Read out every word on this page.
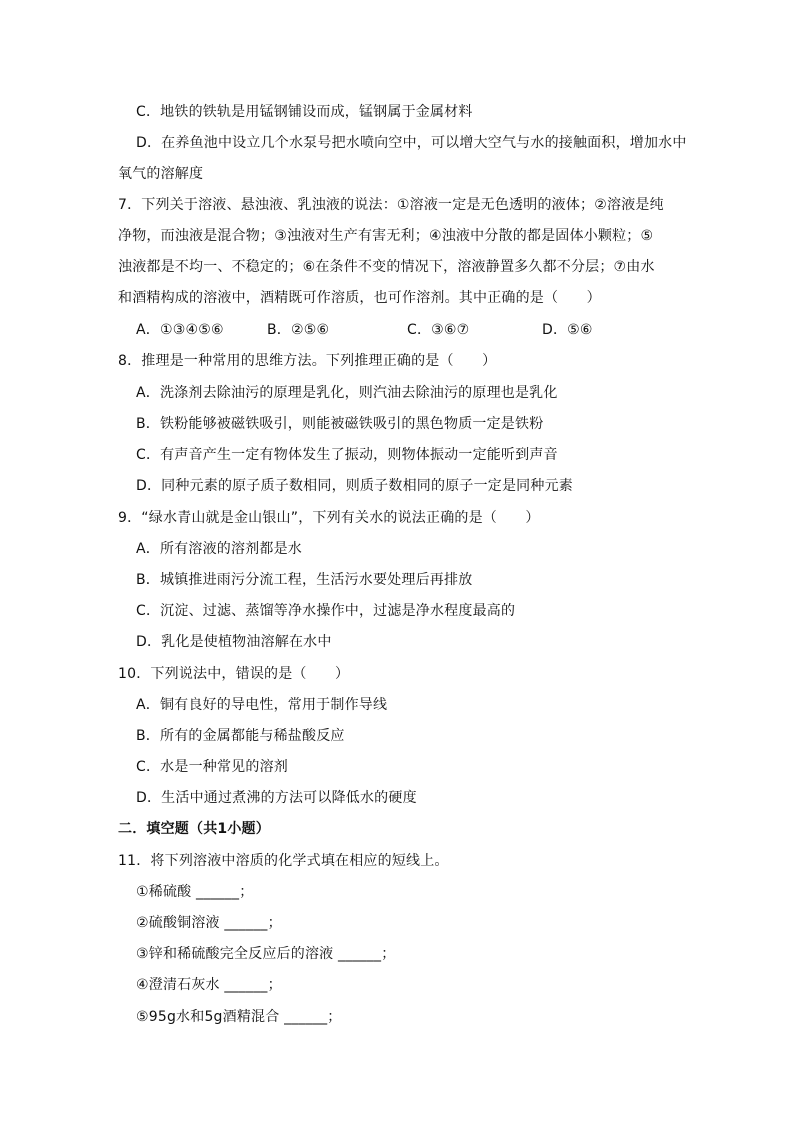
C．地铁的铁轨是用锰钢铺设而成，锰钢属于金属材料
D．在养鱼池中设立几个水泵号把水喷向空中，可以增大空气与水的接触面积，增加水中
氧气的溶解度
7．下列关于溶液、悬浊液、乳浊液的说法：①溶液一定是无色透明的液体；②溶液是纯
净物，而浊液是混合物；③浊液对生产有害无利；④浊液中分散的都是固体小颗粒；⑤
浊液都是不均一、不稳定的；⑥在条件不变的情况下，溶液静置多久都不分层；⑦由水
和酒精构成的溶液中，酒精既可作溶质，也可作溶剂。其中正确的是（　　）
A．①③④⑤⑥	B．②⑤⑥	C．③⑥⑦	D．⑤⑥
8．推理是一种常用的思维方法。下列推理正确的是（　　）
A．洗涤剂去除油污的原理是乳化，则汽油去除油污的原理也是乳化
B．铁粉能够被磁铁吸引，则能被磁铁吸引的黑色物质一定是铁粉
C．有声音产生一定有物体发生了振动，则物体振动一定能听到声音
D．同种元素的原子质子数相同，则质子数相同的原子一定是同种元素
9．“绿水青山就是金山银山”，下列有关水的说法正确的是（　　）
A．所有溶液的溶剂都是水
B．城镇推进雨污分流工程，生活污水要处理后再排放
C．沉淀、过滤、蒸馏等净水操作中，过滤是净水程度最高的
D．乳化是使植物油溶解在水中
10．下列说法中，错误的是（　　）
A．铜有良好的导电性，常用于制作导线
B．所有的金属都能与稀盐酸反应
C．水是一种常见的溶剂
D．生活中通过煮沸的方法可以降低水的硬度
二．填空题（共1小题）
11．将下列溶液中溶质的化学式填在相应的短线上。
①稀硫酸 ______；
②硫酸铜溶液 ______；
③锌和稀硫酸完全反应后的溶液 ______；
④澄清石灰水 ______；
⑤95g水和5g酒精混合 ______；
